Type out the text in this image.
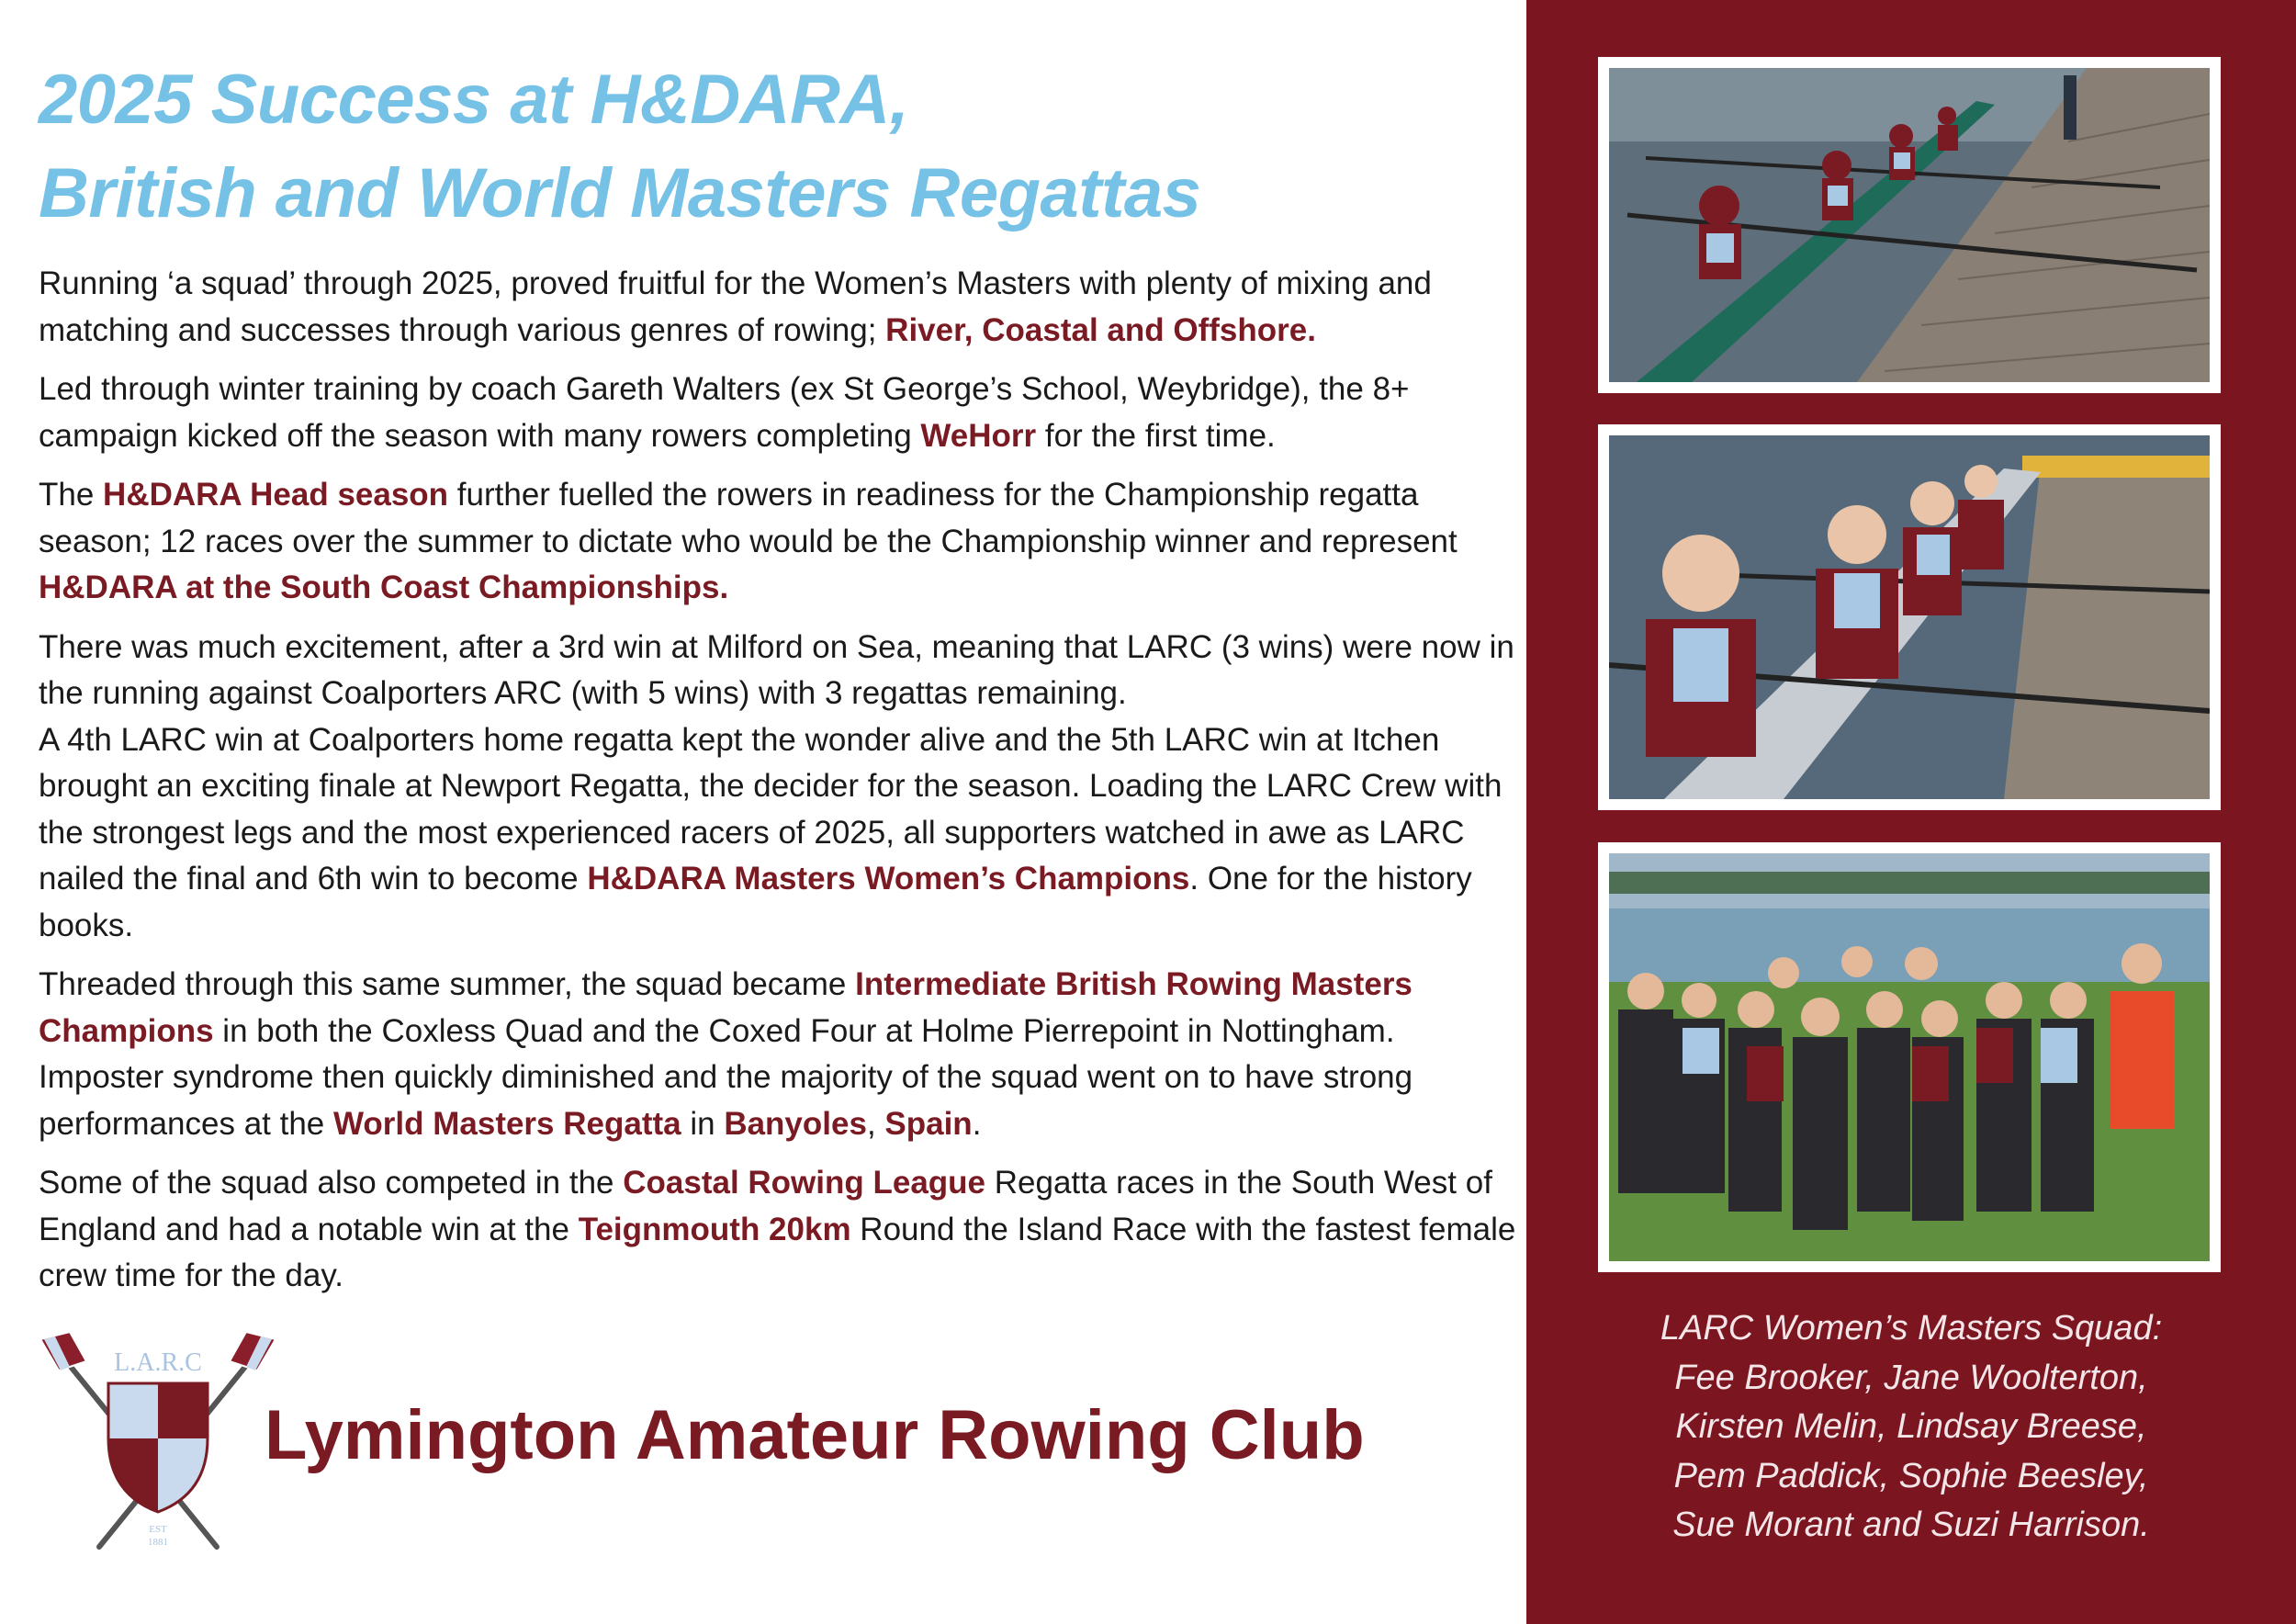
2025 Success at H&DARA,
British and World Masters Regattas

Running ‘a squad’ through 2025, proved fruitful for the Women’s Masters with plenty of mixing and matching and successes through various genres of rowing; River, Coastal and Offshore.

Led through winter training by coach Gareth Walters (ex St George’s School, Weybridge), the 8+ campaign kicked off the season with many rowers completing WeHorr for the first time.

The H&DARA Head season further fuelled the rowers in readiness for the Championship regatta season; 12 races over the summer to dictate who would be the Championship winner and represent H&DARA at the South Coast Championships.

There was much excitement, after a 3rd win at Milford on Sea, meaning that LARC (3 wins) were now in the running against Coalporters ARC (with 5 wins) with 3 regattas remaining.
A 4th LARC win at Coalporters home regatta kept the wonder alive and the 5th LARC win at Itchen brought an exciting finale at Newport Regatta, the decider for the season. Loading the LARC Crew with the strongest legs and the most experienced racers of 2025, all supporters watched in awe as LARC nailed the final and 6th win to become H&DARA Masters Women’s Champions. One for the history books.

Threaded through this same summer, the squad became Intermediate British Rowing Masters Champions in both the Coxless Quad and the Coxed Four at Holme Pierrepoint in Nottingham. Imposter syndrome then quickly diminished and the majority of the squad went on to have strong performances at the World Masters Regatta in Banyoles, Spain.

Some of the squad also competed in the Coastal Rowing League Regatta races in the South West of England and had a notable win at the Teignmouth 20km Round the Island Race with the fastest female crew time for the day.

L.A.R.C
EST
1881
Lymington Amateur Rowing Club
LARC Women’s Masters Squad:
Fee Brooker, Jane Woolterton,
Kirsten Melin, Lindsay Breese,
Pem Paddick, Sophie Beesley,
Sue Morant and Suzi Harrison.
